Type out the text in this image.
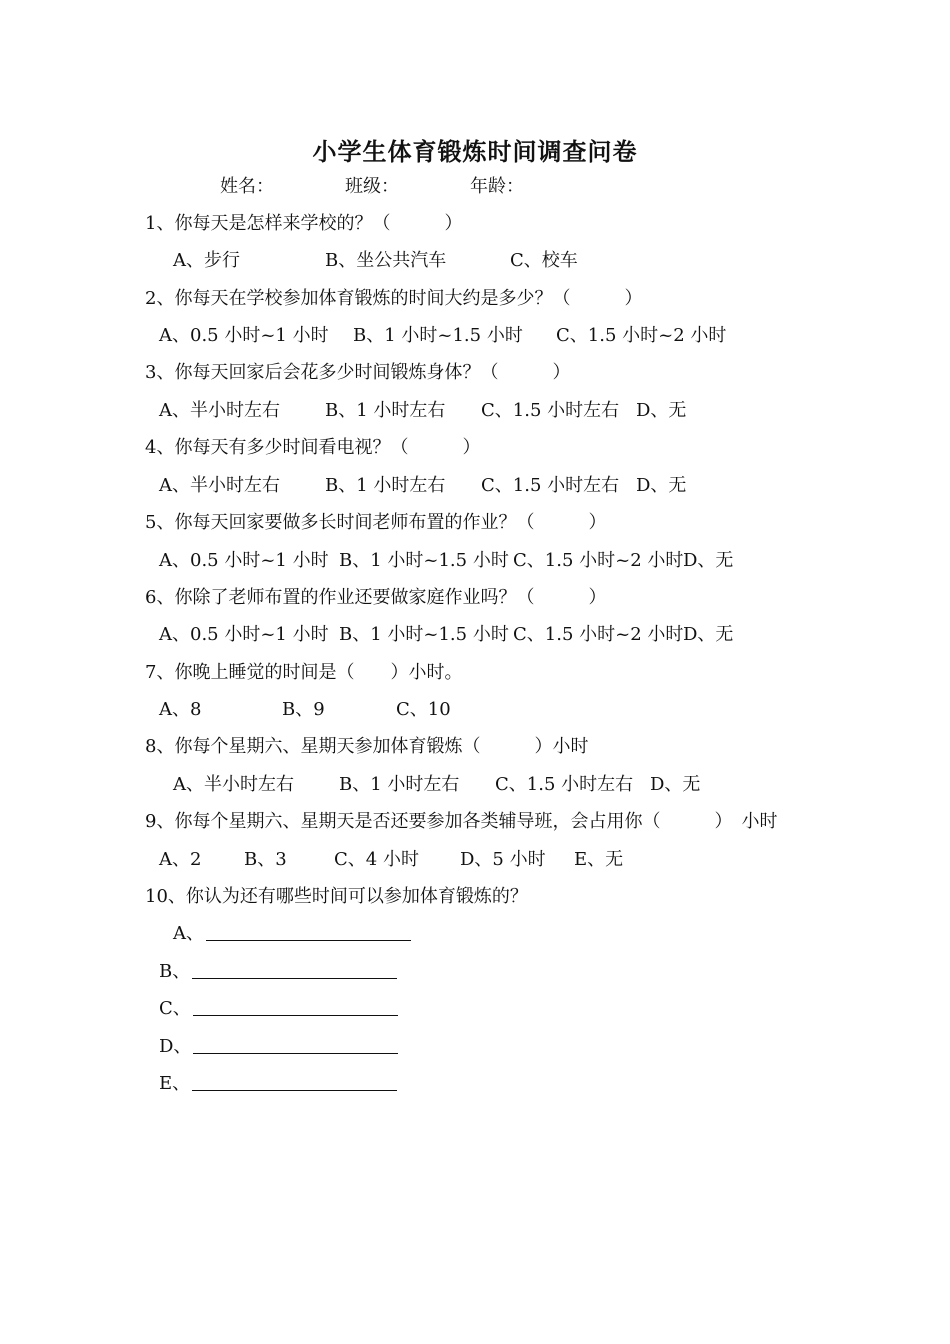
小学生体育锻炼时间调查问卷
姓名：	班级：	年龄：
1、你每天是怎样来学校的？（　　　）
A、步行	B、坐公共汽车	C、校车
2、你每天在学校参加体育锻炼的时间大约是多少？（　　　）
A、0.5 小时~1 小时 B、1 小时~1.5 小时 C、1.5 小时~2 小时
3、你每天回家后会花多少时间锻炼身体？（　　　）
A、半小时左右	B、1 小时左右 C、1.5 小时左右 D、无
4、你每天有多少时间看电视？（　　　）
A、半小时左右	B、1 小时左右 C、1.5 小时左右 D、无
5、你每天回家要做多长时间老师布置的作业？（　　　）
A、0.5 小时~1 小时 B、1 小时~1.5 小时 C、1.5 小时~2 小时 D、无
6、你除了老师布置的作业还要做家庭作业吗？（　　　）
A、0.5 小时~1 小时 B、1 小时~1.5 小时 C、1.5 小时~2 小时 D、无
7、你晚上睡觉的时间是（　　）小时。
A、8	B、9	C、10
8、你每个星期六、星期天参加体育锻炼（　　　）小时
A、半小时左右	B、1 小时左右 C、1.5 小时左右 D、无
9、你每个星期六、星期天是否还要参加各类辅导班，会占用你（　　　）　小时
A、2 B、3	C、4 小时 D、5 小时 E、无
10、你认为还有哪些时间可以参加体育锻炼的？
A、
B、
C、
D、
E、
